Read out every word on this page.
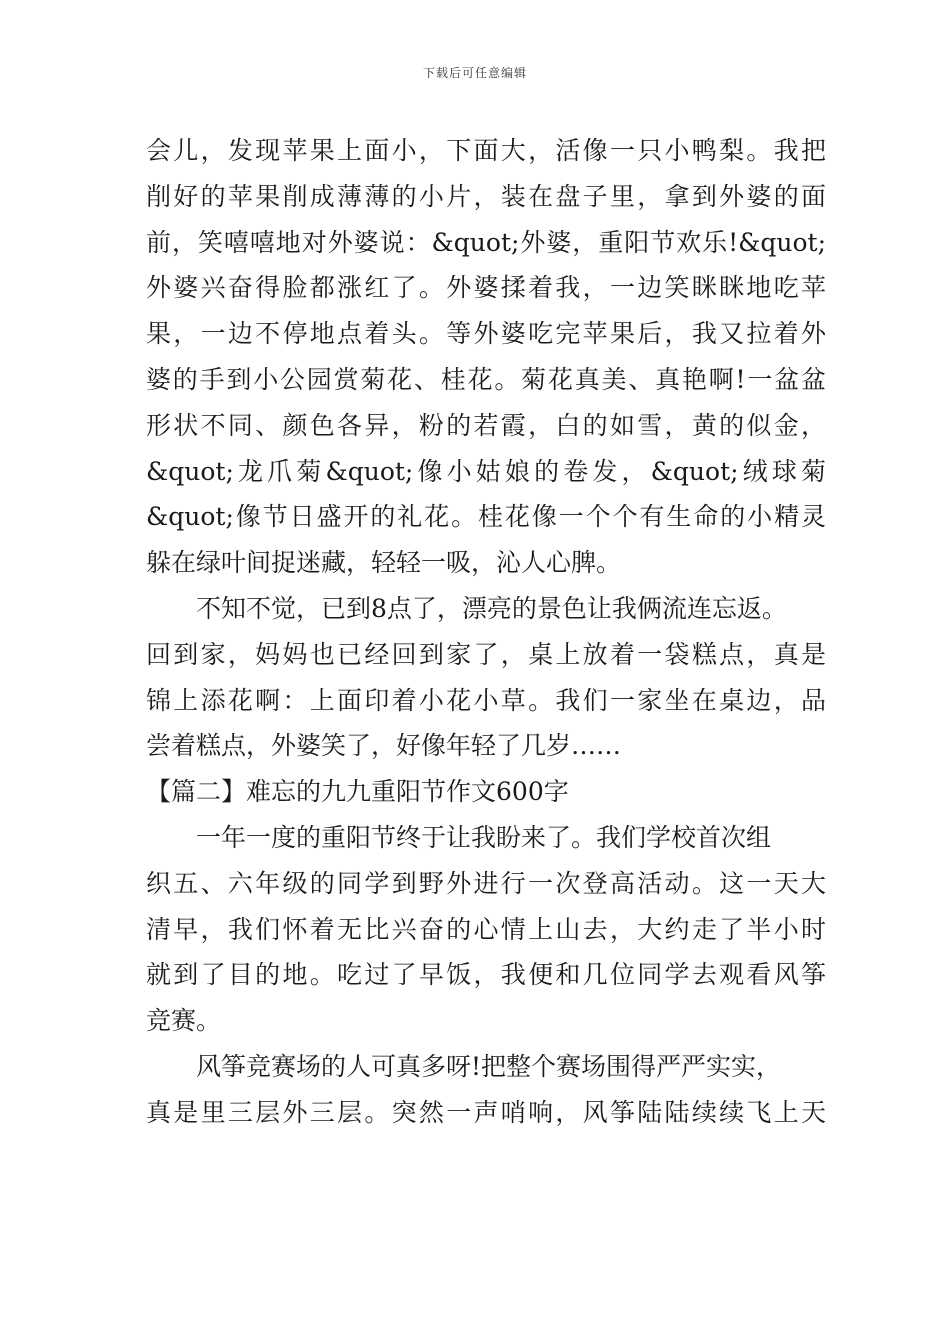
下载后可任意编辑
会儿，发现苹果上面小，下面大，活像一只小鸭梨。我把
削好的苹果削成薄薄的小片，装在盘子里，拿到外婆的面
前，笑嘻嘻地对外婆说：&quot;外婆，重阳节欢乐!&quot;
外婆兴奋得脸都涨红了。外婆揉着我，一边笑眯眯地吃苹
果，一边不停地点着头。等外婆吃完苹果后，我又拉着外
婆的手到小公园赏菊花、桂花。菊花真美、真艳啊!一盆盆
形状不同、颜色各异，粉的若霞，白的如雪，黄的似金，
&quot;龙爪菊&quot;像小姑娘的卷发，&quot;绒球菊
&quot;像节日盛开的礼花。桂花像一个个有生命的小精灵
躲在绿叶间捉迷藏，轻轻一吸，沁人心脾。
不知不觉，已到8点了，漂亮的景色让我俩流连忘返。
回到家，妈妈也已经回到家了，桌上放着一袋糕点，真是
锦上添花啊：上面印着小花小草。我们一家坐在桌边，品
尝着糕点，外婆笑了，好像年轻了几岁……
【篇二】难忘的九九重阳节作文600字
一年一度的重阳节终于让我盼来了。我们学校首次组
织五、六年级的同学到野外进行一次登高活动。这一天大
清早，我们怀着无比兴奋的心情上山去，大约走了半小时
就到了目的地。吃过了早饭，我便和几位同学去观看风筝
竞赛。
风筝竞赛场的人可真多呀!把整个赛场围得严严实实，
真是里三层外三层。突然一声哨响，风筝陆陆续续飞上天
